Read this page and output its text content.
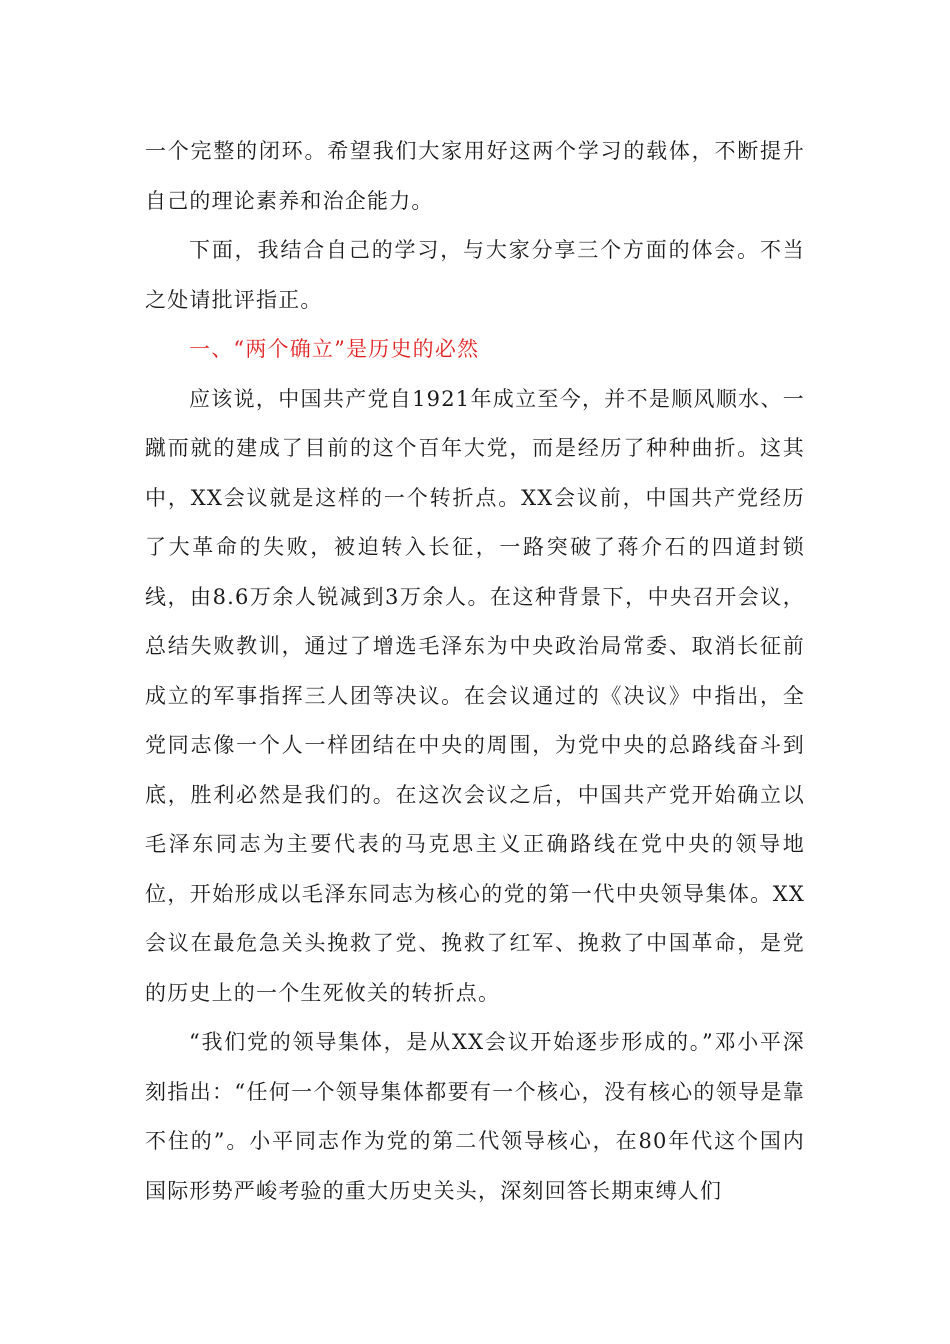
一个完整的闭环。希望我们大家用好这两个学习的载体，不断提升自己的理论素养和治企能力。

下面，我结合自己的学习，与大家分享三个方面的体会。不当之处请批评指正。

一、“两个确立”是历史的必然

应该说，中国共产党自1921年成立至今，并不是顺风顺水、一蹴而就的建成了目前的这个百年大党，而是经历了种种曲折。这其中，XX会议就是这样的一个转折点。XX会议前，中国共产党经历了大革命的失败，被迫转入长征，一路突破了蒋介石的四道封锁线，由8.6万余人锐减到3万余人。在这种背景下，中央召开会议，总结失败教训，通过了增选毛泽东为中央政治局常委、取消长征前成立的军事指挥三人团等决议。在会议通过的《决议》中指出，全党同志像一个人一样团结在中央的周围，为党中央的总路线奋斗到底，胜利必然是我们的。在这次会议之后，中国共产党开始确立以毛泽东同志为主要代表的马克思主义正确路线在党中央的领导地位，开始形成以毛泽东同志为核心的党的第一代中央领导集体。XX会议在最危急关头挽救了党、挽救了红军、挽救了中国革命，是党的历史上的一个生死攸关的转折点。

“我们党的领导集体，是从XX会议开始逐步形成的。”邓小平深刻指出：“任何一个领导集体都要有一个核心，没有核心的领导是靠不住的”。小平同志作为党的第二代领导核心，在80年代这个国内国际形势严峻考验的重大历史关头，深刻回答长期束缚人们
